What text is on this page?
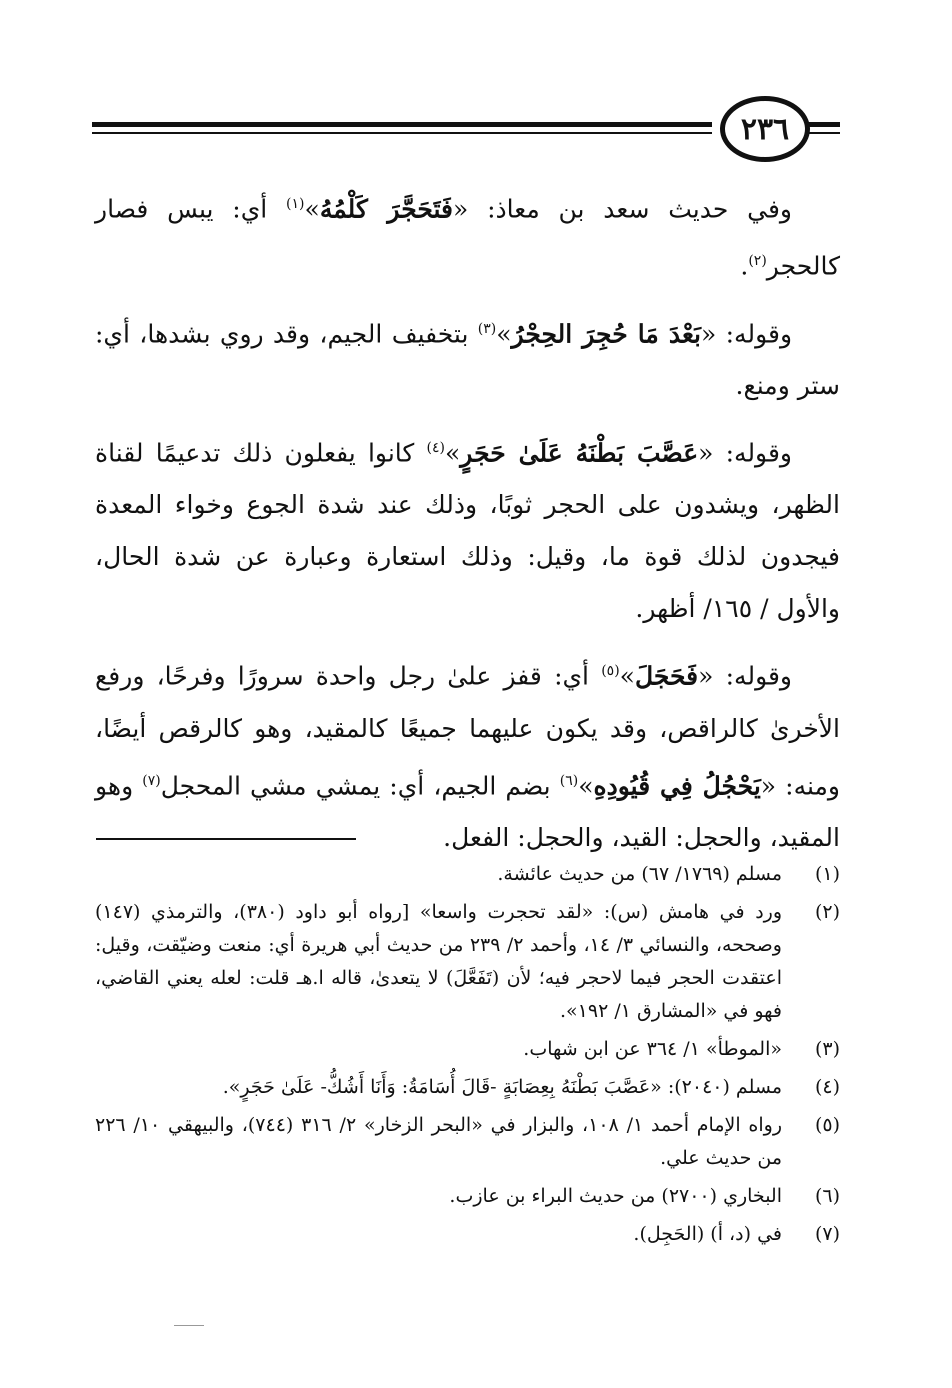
٢٣٦

وفي حديث سعد بن معاذ: «فَتَحَجَّرَ كَلْمُهُ»$^{(١)}$ أي: يبس فصار كالحجر$^{(٢)}$.

وقوله: «بَعْدَ مَا حُجِرَ الحِجْرُ»$^{(٣)}$ بتخفيف الجيم، وقد روي بشدها، أي: ستر ومنع.

وقوله: «عَصَّبَ بَطْنَهُ عَلَىٰ حَجَرٍ»$^{(٤)}$ كانوا يفعلون ذلك تدعيمًا لقناة الظهر، ويشدون على الحجر ثوبًا، وذلك عند شدة الجوع وخواء المعدة فيجدون لذلك قوة ما، وقيل: وذلك استعارة وعبارة عن شدة الحال، والأول / ١٦٥/ أظهر.

وقوله: «فَحَجَلَ»$^{(٥)}$ أي: قفز علىٰ رجل واحدة سرورًا وفرحًا، ورفع الأخرىٰ كالراقص، وقد يكون عليهما جميعًا كالمقيد، وهو كالرقص أيضًا، ومنه: «يَحْجُلُ فِي قُيُودِهِ»$^{(٦)}$ بضم الجيم، أي: يمشي مشي المحجل$^{(٧)}$ وهو المقيد، والحجل: القيد، والحجل: الفعل.

(١)
مسلم (١٧٦٩/ ٦٧) من حديث عائشة.
(٢)
ورد في هامش (س): «لقد تحجرت واسعا» [رواه أبو داود (٣٨٠)، والترمذي (١٤٧) وصححه، والنسائي ٣/ ١٤، وأحمد ٢/ ٢٣٩ من حديث أبي هريرة أي: منعت وضيّقت، وقيل: اعتقدت الحجر فيما لاحجر فيه؛ لأن (تَفَعَّلَ) لا يتعدىٰ، قاله ا.هـ قلت: لعله يعني القاضي، فهو في «المشارق ١/ ١٩٢».
(٣)
«الموطأ» ١/ ٣٦٤ عن ابن شهاب.
(٤)
مسلم (٢٠٤٠): «عَصَّبَ بَطْنَهُ بِعِصَابَةٍ -قَالَ أُسَامَةُ: وَأَنَا أَشُكُّ- عَلَىٰ حَجَرٍ».
(٥)
رواه الإمام أحمد ١/ ١٠٨، والبزار في «البحر الزخار» ٢/ ٣١٦ (٧٤٤)، والبيهقي ١٠/ ٢٢٦ من حديث علي.
(٦)
البخاري (٢٧٠٠) من حديث البراء بن عازب.
(٧)
في (د، أ) (الحَجِل).
